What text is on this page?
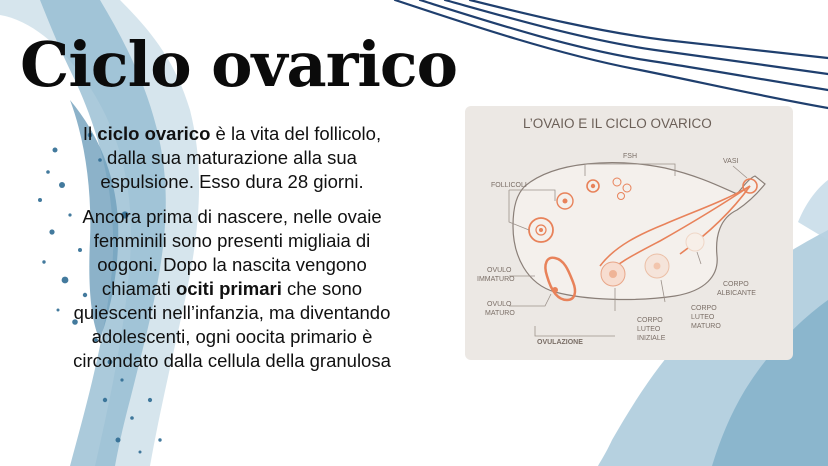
Ciclo ovarico

Il ciclo ovarico è la vita del follicolo, dalla sua maturazione alla sua espulsione. Esso dura 28 giorni.

Ancora prima di nascere, nelle ovaie femminili sono presenti migliaia di oogoni. Dopo la nascita vengono chiamati ociti primari che sono quiescenti nell’infanzia, ma diventando adolescenti, ogni oocita primario è circondato dalla cellula della granulosa

L’OVAIO E IL CICLO OVARICO
FSH
VASI
FOLLICOLI
OVULO
IMMATURO
OVULO
MATURO
OVULAZIONE
CORPO
LUTEO
INIZIALE
CORPO
LUTEO
MATURO
CORPO
ALBICANTE
